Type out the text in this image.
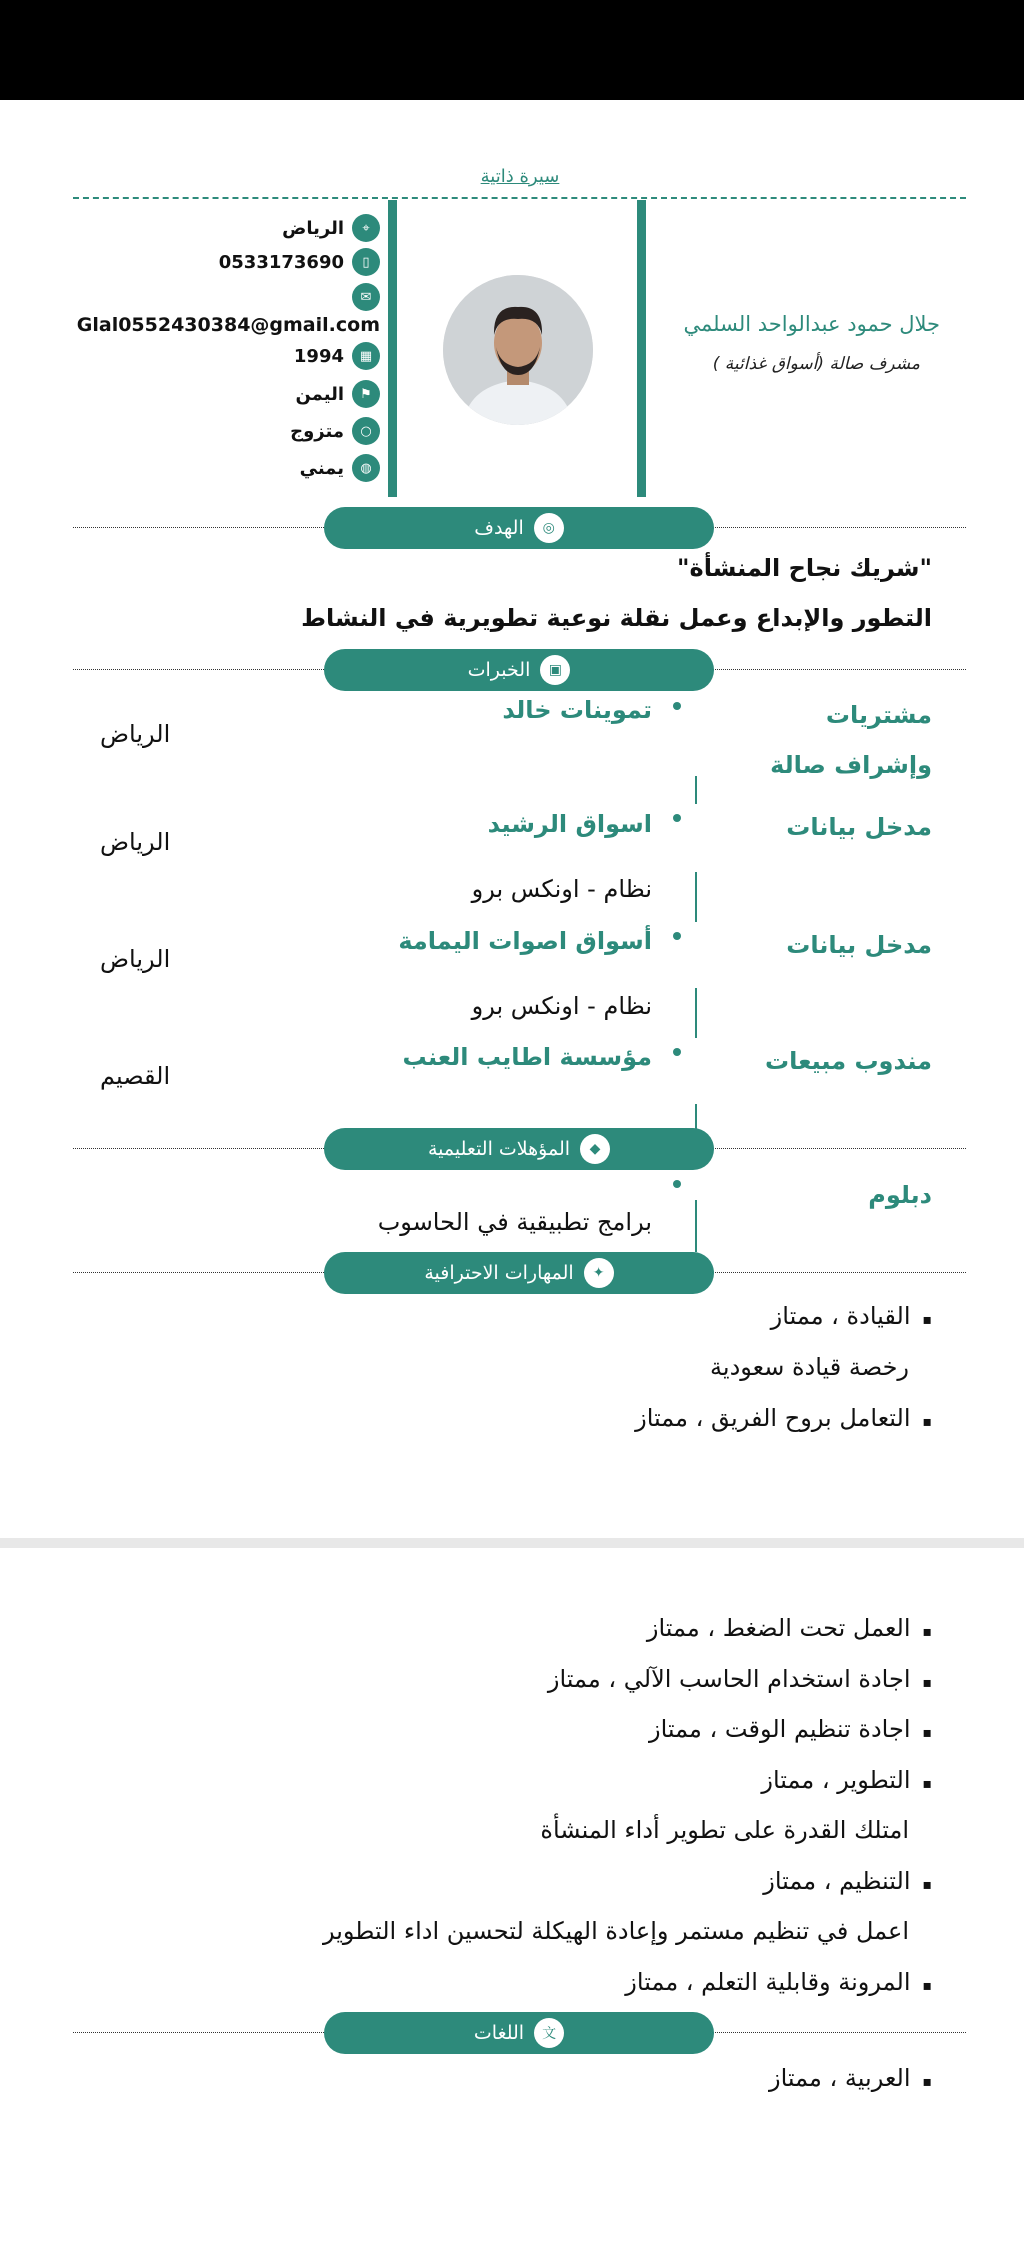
سيرة ذاتية
جلال حمود عبدالواحد السلمي
مشرف صالة (أسواق غذائية )
⌖
الرياض
▯
0533173690
✉
Glal0552430384@gmail.com
▦
1994
⚑
اليمن
○
متزوج
◍
يمني
◎
الهدف
"شريك نجاح المنشأة"
التطور والإبداع وعمل نقلة نوعية تطويرية في النشاط
▣
الخبرات
مشتريات وإشراف صالة
تموينات خالد
الرياض
مدخل بيانات
اسواق الرشيد
الرياض
نظام - اونكس برو
مدخل بيانات
أسواق اصوات اليمامة
الرياض
نظام - اونكس برو
مندوب مبيعات
مؤسسة اطايب العنب
القصيم
◆
المؤهلات التعليمية
دبلوم
برامج تطبيقية في الحاسوب
✦
المهارات الاحترافية
▪ القيادة ، ممتاز
رخصة قيادة سعودية
▪ التعامل بروح الفريق ، ممتاز
▪ العمل تحت الضغط ، ممتاز
▪ اجادة استخدام الحاسب الآلي ، ممتاز
▪ اجادة تنظيم الوقت ، ممتاز
▪ التطوير ، ممتاز
امتلك القدرة على تطوير أداء المنشأة
▪ التنظيم ، ممتاز
اعمل في تنظيم مستمر وإعادة الهيكلة لتحسين اداء التطوير
▪ المرونة وقابلية التعلم ، ممتاز
文
اللغات
▪ العربية ، ممتاز
